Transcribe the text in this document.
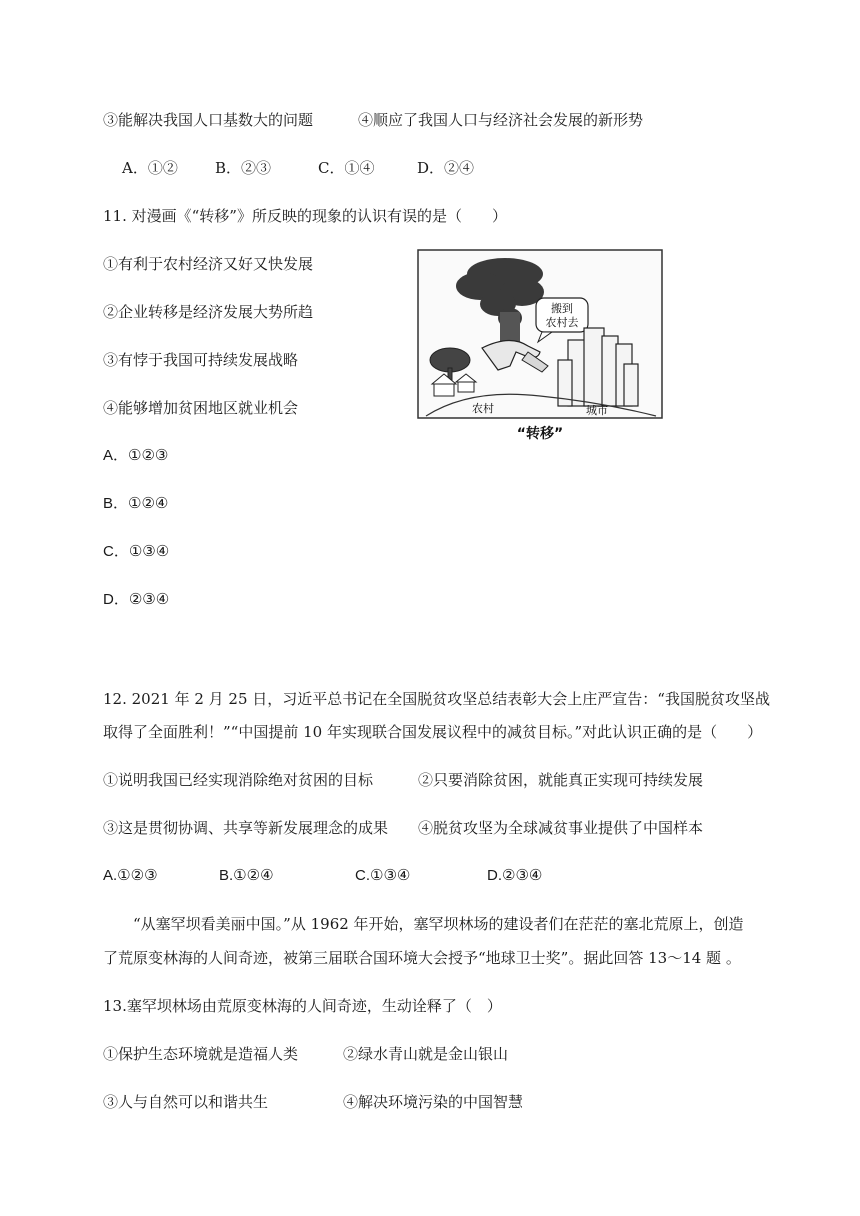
③能解决我国人口基数大的问题　　　④顺应了我国人口与经济社会发展的新形势
A．①② B．②③	C．①④	D．②④
11. 对漫画《“转移”》所反映的现象的认识有误的是（　　）
①有利于农村经济又好又快发展
②企业转移是经济发展大势所趋
③有悖于我国可持续发展战略
④能够增加贫困地区就业机会
A．①②③
B．①②④
C．①③④
D．②③④
搬到
农村去
农村	城市
“转移”
12. 2021 年 2 月 25 日，习近平总书记在全国脱贫攻坚总结表彰大会上庄严宣告：“我国脱贫攻坚战
取得了全面胜利！”“中国提前 10 年实现联合国发展议程中的减贫目标。”对此认识正确的是（　　）
①说明我国已经实现消除绝对贫困的目标　　　②只要消除贫困，就能真正实现可持续发展
③这是贯彻协调、共享等新发展理念的成果　　④脱贫攻坚为全球减贫事业提供了中国样本
A.①②③	B.①②④	C.①③④	D.②③④
“从塞罕坝看美丽中国。”从 1962 年开始，塞罕坝林场的建设者们在茫茫的塞北荒原上，创造
了荒原变林海的人间奇迹，被第三届联合国环境大会授予“地球卫士奖”。据此回答 13～14 题 。
13.塞罕坝林场由荒原变林海的人间奇迹，生动诠释了（　）
①保护生态环境就是造福人类	②绿水青山就是金山银山
③人与自然可以和谐共生	④解决环境污染的中国智慧
